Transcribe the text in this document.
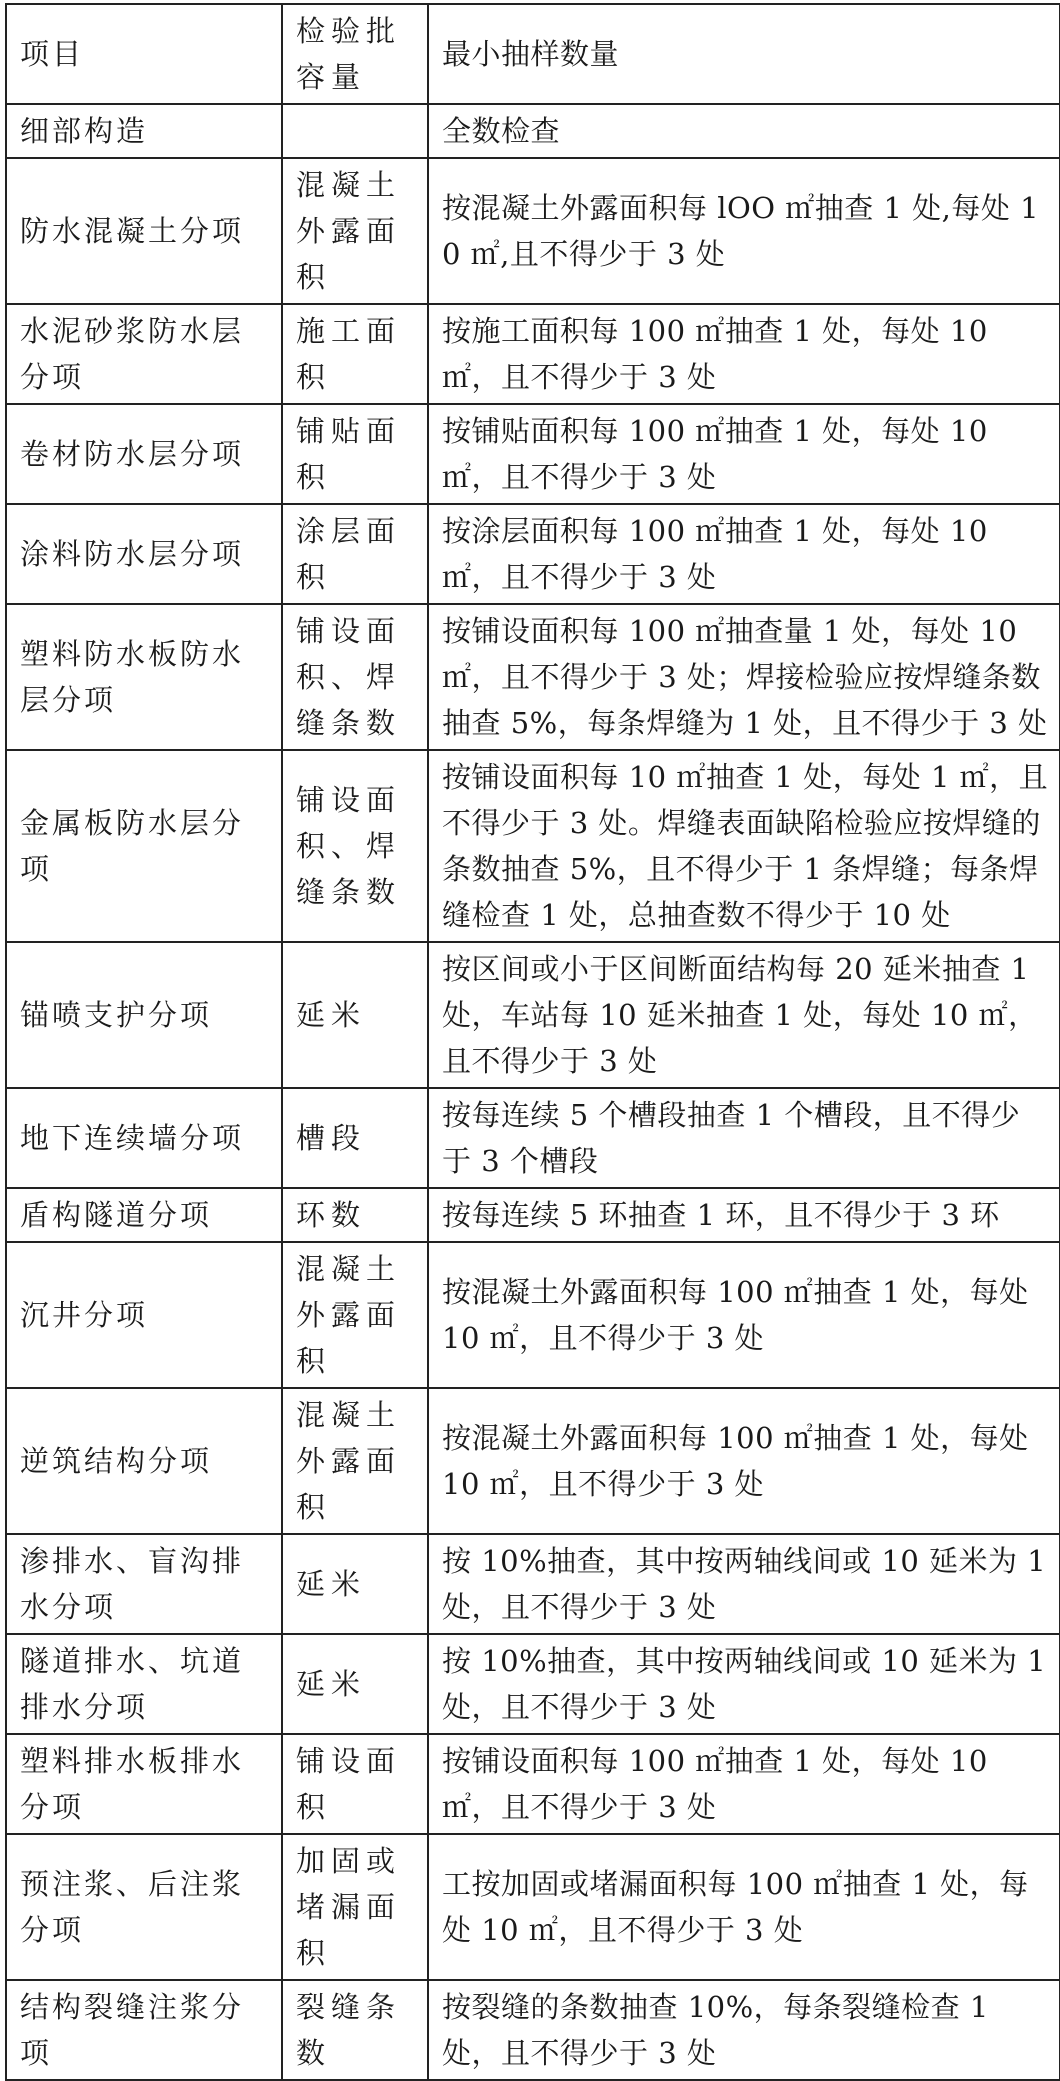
项目	检验批容量	最小抽样数量
细部构造		全数检查
防水混凝土分项	混凝土外露面积	按混凝土外露面积每 lOO ㎡抽查 1 处,每处 10 ㎡,且不得少于 3 处
水泥砂浆防水层分项	施工面积	按施工面积每 100 ㎡抽查 1 处，每处 10 ㎡，且不得少于 3 处
卷材防水层分项	铺贴面积	按铺贴面积每 100 ㎡抽查 1 处，每处 10 ㎡，且不得少于 3 处
涂料防水层分项	涂层面积	按涂层面积每 100 ㎡抽查 1 处，每处 10 ㎡，且不得少于 3 处
塑料防水板防水层分项	铺设面积、焊缝条数	按铺设面积每 100 ㎡抽查量 1 处，每处 10 ㎡，且不得少于 3 处；焊接检验应按焊缝条数抽查 5%，每条焊缝为 1 处，且不得少于 3 处
金属板防水层分项	铺设面积、焊缝条数	按铺设面积每 10 ㎡抽查 1 处，每处 1 ㎡，且不得少于 3 处。焊缝表面缺陷检验应按焊缝的条数抽查 5%，且不得少于 1 条焊缝；每条焊缝检查 1 处，总抽查数不得少于 10 处
锚喷支护分项	延米	按区间或小于区间断面结构每 20 延米抽查 1 处，车站每 10 延米抽查 1 处，每处 10 ㎡，且不得少于 3 处
地下连续墙分项	槽段	按每连续 5 个槽段抽查 1 个槽段，且不得少于 3 个槽段
盾构隧道分项	环数	按每连续 5 环抽查 1 环，且不得少于 3 环
沉井分项	混凝土外露面积	按混凝土外露面积每 100 ㎡抽查 1 处，每处 10 ㎡，且不得少于 3 处
逆筑结构分项	混凝土外露面积	按混凝土外露面积每 100 ㎡抽查 1 处，每处 10 ㎡，且不得少于 3 处
渗排水、盲沟排水分项	延米	按 10%抽查，其中按两轴线间或 10 延米为 1 处，且不得少于 3 处
隧道排水、坑道排水分项	延米	按 10%抽查，其中按两轴线间或 10 延米为 1 处，且不得少于 3 处
塑料排水板排水分项	铺设面积	按铺设面积每 100 ㎡抽查 1 处，每处 10 ㎡，且不得少于 3 处
预注浆、后注浆分项	加固或堵漏面积	工按加固或堵漏面积每 100 ㎡抽查 1 处，每处 10 ㎡，且不得少于 3 处
结构裂缝注浆分项	裂缝条数	按裂缝的条数抽查 10%，每条裂缝检查 1 处，且不得少于 3 处
